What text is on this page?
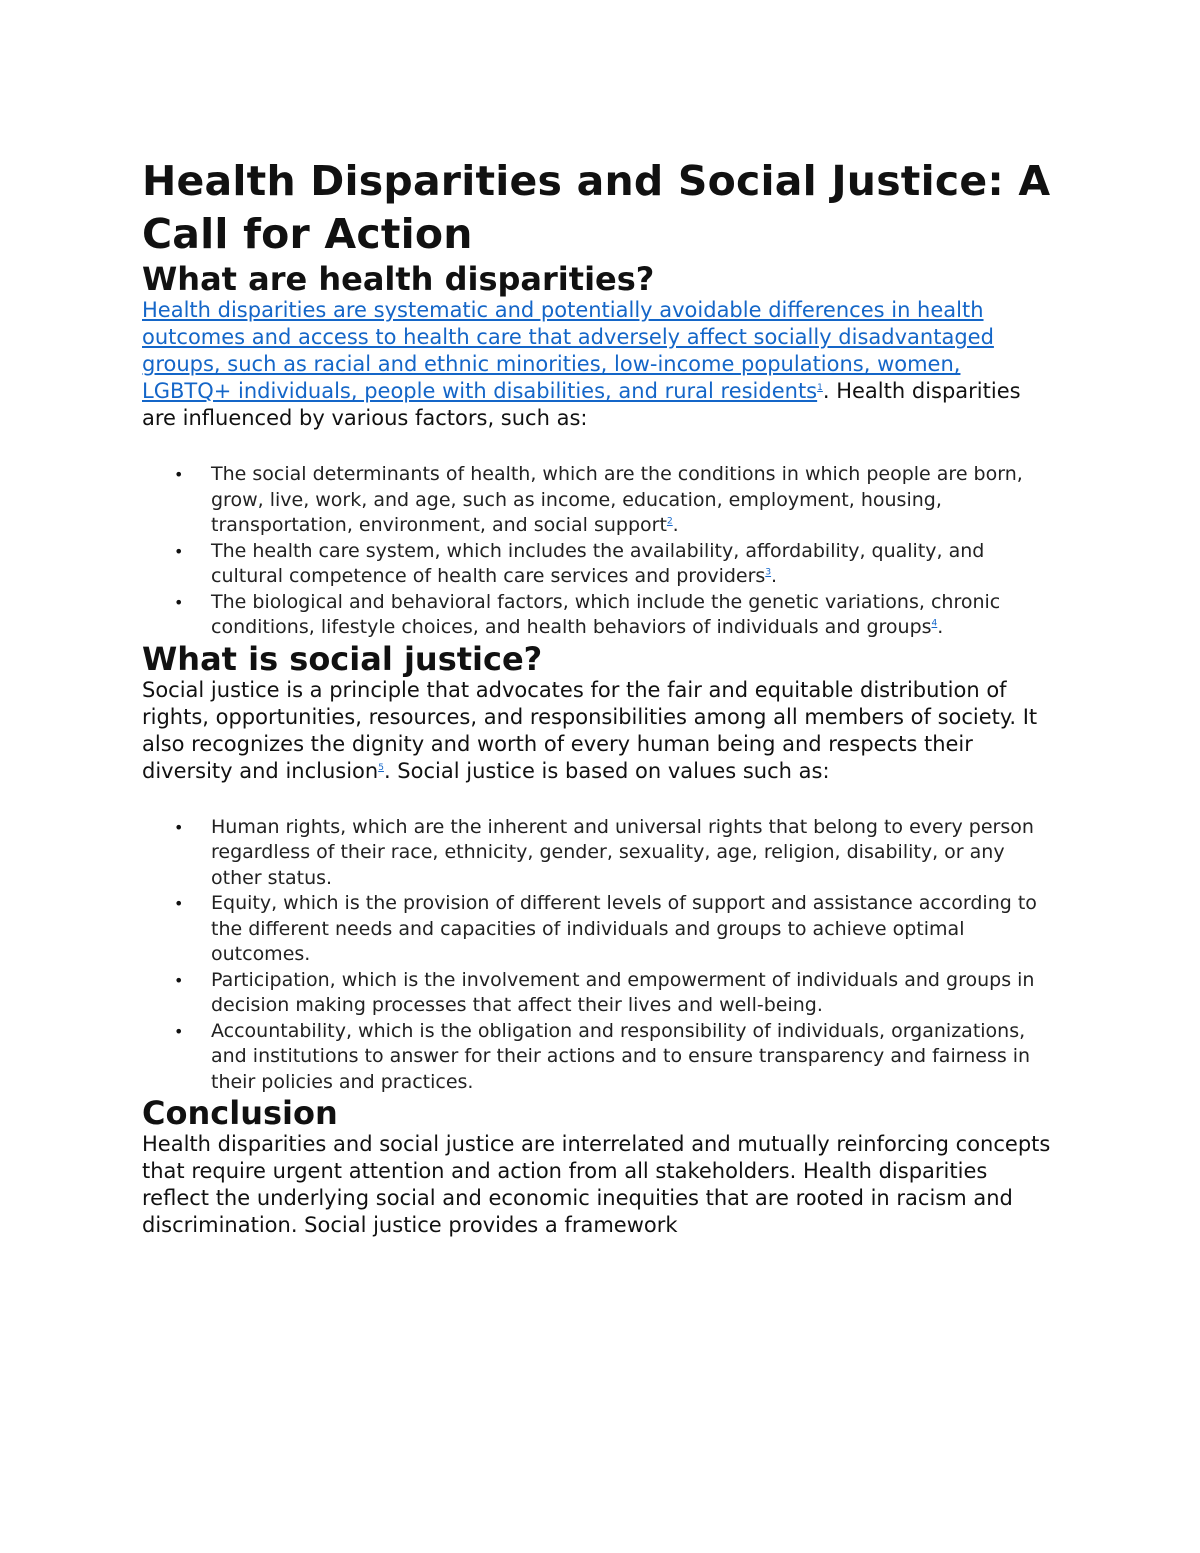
Health Disparities and Social Justice: A Call for Action
What are health disparities?

Health disparities are systematic and potentially avoidable differences in health outcomes and access to health care that adversely affect socially disadvantaged groups, such as racial and ethnic minorities, low-income populations, women, LGBTQ+ individuals, people with disabilities, and rural residents$^1$. Health disparities are influenced by various factors, such as:

• The social determinants of health, which are the conditions in which people are born, grow, live, work, and age, such as income, education, employment, housing, transportation, environment, and social support$^2$.
• The health care system, which includes the availability, affordability, quality, and cultural competence of health care services and providers$^3$.
• The biological and behavioral factors, which include the genetic variations, chronic conditions, lifestyle choices, and health behaviors of individuals and groups$^4$.
What is social justice?

Social justice is a principle that advocates for the fair and equitable distribution of rights, opportunities, resources, and responsibilities among all members of society. It also recognizes the dignity and worth of every human being and respects their diversity and inclusion$^5$. Social justice is based on values such as:

• Human rights, which are the inherent and universal rights that belong to every person regardless of their race, ethnicity, gender, sexuality, age, religion, disability, or any other status.
• Equity, which is the provision of different levels of support and assistance according to the different needs and capacities of individuals and groups to achieve optimal outcomes.
• Participation, which is the involvement and empowerment of individuals and groups in decision making processes that affect their lives and well-being.
• Accountability, which is the obligation and responsibility of individuals, organizations, and institutions to answer for their actions and to ensure transparency and fairness in their policies and practices.
Conclusion

Health disparities and social justice are interrelated and mutually reinforcing concepts that require urgent attention and action from all stakeholders. Health disparities reflect the underlying social and economic inequities that are rooted in racism and discrimination. Social justice provides a framework
